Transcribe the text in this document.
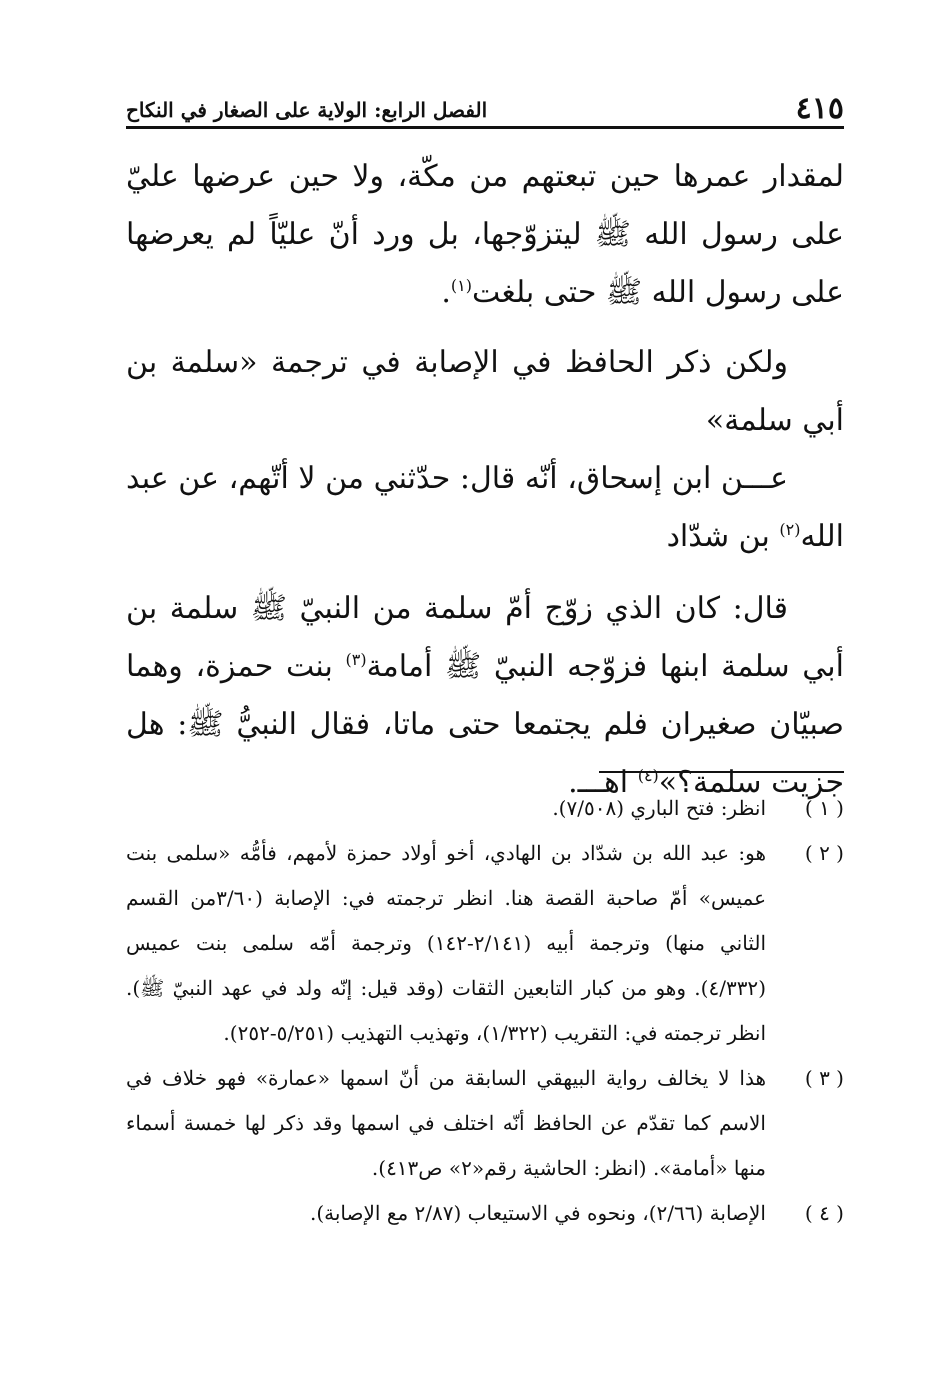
٤١٥
الفصل الرابع: الولاية على الصغار في النكاح

لمقدار عمرها حين تبعتهم من مكّة، ولا حين عرضها عليّ على رسول الله ﷺ ليتزوّجها، بل ورد أنّ عليّاً لم يعرضها على رسول الله ﷺ حتى بلغت$^{(١)}$.

ولكن ذكر الحافظ في الإصابة في ترجمة «سلمة بن أبي سلمة»

عـــن ابن إسحاق، أنّه قال: حدّثني من لا أتّهم، عن عبد الله$^{(٢)}$ بن شدّاد

قال: كان الذي زوّج أمّ سلمة من النبيّ ﷺ سلمة بن أبي سلمة ابنها فزوّجه النبيّ ﷺ أمامة$^{(٣)}$ بنت حمزة، وهما صبيّان صغيران فلم يجتمعا حتى ماتا، فقال النبيُّ ﷺ: هل جزيت سلمة؟»$^{(٤)}$ اهـــ.

( ١ )
انظر: فتح الباري (٧/٥٠٨).

( ٢ )
هو: عبد الله بن شدّاد بن الهادي، أخو أولاد حمزة لأمهم، فأمُّه «سلمى بنت عميس» أمّ صاحبة القصة هنا. انظر ترجمته في: الإصابة (٣/٦٠من القسم الثاني منها) وترجمة أبيه (٢/١٤١-١٤٢) وترجمة أمّه سلمى بنت عميس (٤/٣٣٢). وهو من كبار التابعين الثقات (وقد قيل: إنّه ولد في عهد النبيّ ﷺ). انظر ترجمته في: التقريب (١/٣٢٢)، وتهذيب التهذيب (٥/٢٥١-٢٥٢).

( ٣ )
هذا لا يخالف رواية البيهقي السابقة من أنّ اسمها «عمارة» فهو خلاف في الاسم كما تقدّم عن الحافظ أنّه اختلف في اسمها وقد ذكر لها خمسة أسماء منها «أمامة». (انظر: الحاشية رقم«٢» ص٤١٣).

( ٤ )
الإصابة (٢/٦٦)، ونحوه في الاستيعاب (٢/٨٧ مع الإصابة).
